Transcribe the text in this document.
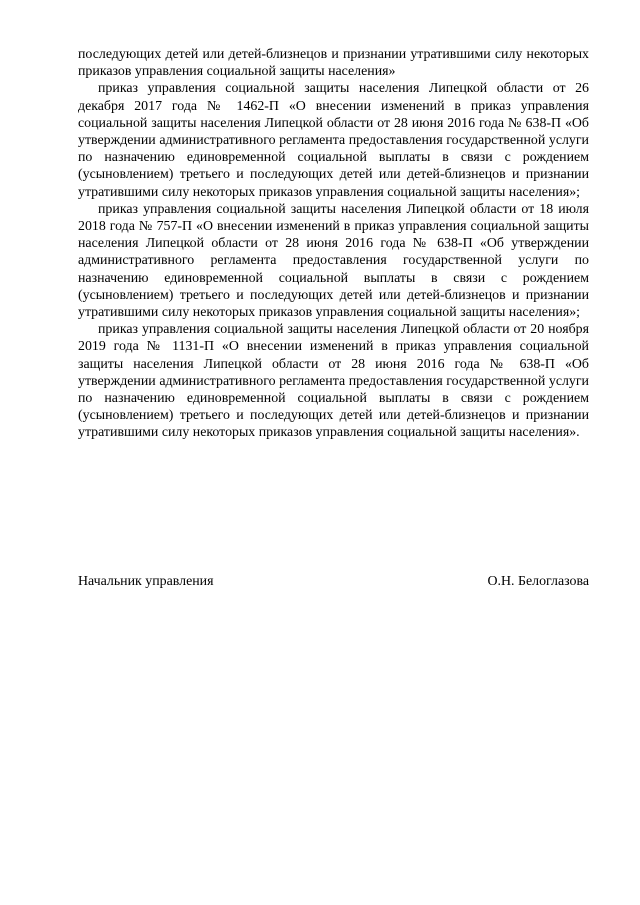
последующих детей или детей-близнецов и признании утратившими силу некоторых приказов управления социальной защиты населения»

приказ управления социальной защиты населения Липецкой области от 26 декабря 2017 года № 1462-П «О внесении изменений в приказ управления социальной защиты населения Липецкой области от 28 июня 2016 года № 638-П «Об утверждении административного регламента предоставления государственной услуги по назначению единовременной социальной выплаты в связи с рождением (усыновлением) третьего и последующих детей или детей-близнецов и признании утратившими силу некоторых приказов управления социальной защиты населения»;

приказ управления социальной защиты населения Липецкой области от 18 июля 2018 года № 757-П «О внесении изменений в приказ управления социальной защиты населения Липецкой области от 28 июня 2016 года № 638-П «Об утверждении административного регламента предоставления государственной услуги по назначению единовременной социальной выплаты в связи с рождением (усыновлением) третьего и последующих детей или детей-близнецов и признании утратившими силу некоторых приказов управления социальной защиты населения»;

приказ управления социальной защиты населения Липецкой области от 20 ноября 2019 года № 1131-П «О внесении изменений в приказ управления социальной защиты населения Липецкой области от 28 июня 2016 года № 638-П «Об утверждении административного регламента предоставления государственной услуги по назначению единовременной социальной выплаты в связи с рождением (усыновлением) третьего и последующих детей или детей-близнецов и признании утратившими силу некоторых приказов управления социальной защиты населения».

Начальник управления	О.Н. Белоглазова
